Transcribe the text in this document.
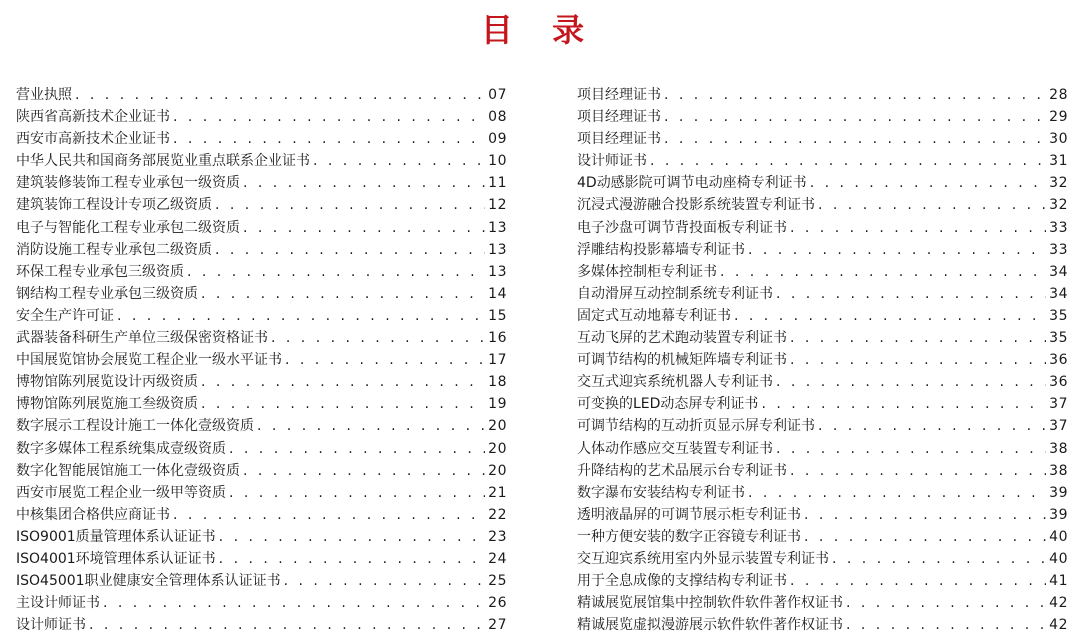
目 录
营业执照 . . .	07
陕西省高新技术企业证书 . . .	08
西安市高新技术企业证书 . . .	09
中华人民共和国商务部展览业重点联系企业证书 . . .	10
建筑装修装饰工程专业承包一级资质 . . .	11
建筑装饰工程设计专项乙级资质 . . .	12
电子与智能化工程专业承包二级资质 . . .	13
消防设施工程专业承包二级资质 . . .	13
环保工程专业承包三级资质 . . .	13
钢结构工程专业承包三级资质 . . .	14
安全生产许可证 . . .	15
武器装备科研生产单位三级保密资格证书 . . .	16
中国展览馆协会展览工程企业一级水平证书 . . .	17
博物馆陈列展览设计丙级资质 . . .	18
博物馆陈列展览施工叁级资质 . . .	19
数字展示工程设计施工一体化壹级资质 . . .	20
数字多媒体工程系统集成壹级资质 . . .	20
数字化智能展馆施工一体化壹级资质 . . .	20
西安市展览工程企业一级甲等资质 . . .	21
中核集团合格供应商证书 . . .	22
ISO9001质量管理体系认证证书 . . .	23
ISO4001环境管理体系认证证书 . . .	24
ISO45001职业健康安全管理体系认证证书 . . .	25
主设计师证书 . . .	26
设计师证书 . . .	27
项目经理证书 . . .	28
项目经理证书 . . .	29
项目经理证书 . . .	30
设计师证书 . . .	31
4D动感影院可调节电动座椅专利证书 . . .	32
沉浸式漫游融合投影系统装置专利证书 . . .	32
电子沙盘可调节背投面板专利证书 . . .	33
浮雕结构投影幕墙专利证书 . . .	33
多媒体控制柜专利证书 . . .	34
自动滑屏互动控制系统专利证书 . . .	34
固定式互动地幕专利证书 . . .	35
互动飞屏的艺术跑动装置专利证书 . . .	35
可调节结构的机械矩阵墙专利证书 . . .	36
交互式迎宾系统机器人专利证书 . . .	36
可变换的LED动态屏专利证书 . . .	37
可调节结构的互动折页显示屏专利证书 . . .	37
人体动作感应交互装置专利证书 . . .	38
升降结构的艺术品展示台专利证书 . . .	38
数字瀑布安装结构专利证书 . . .	39
透明液晶屏的可调节展示柜专利证书 . . .	39
一种方便安装的数字正容镜专利证书 . . .	40
交互迎宾系统用室内外显示装置专利证书 . . .	40
用于全息成像的支撑结构专利证书 . . .	41
精诚展览展馆集中控制软件软件著作权证书 . . .	42
精诚展览虚拟漫游展示软件软件著作权证书 . . .	42
